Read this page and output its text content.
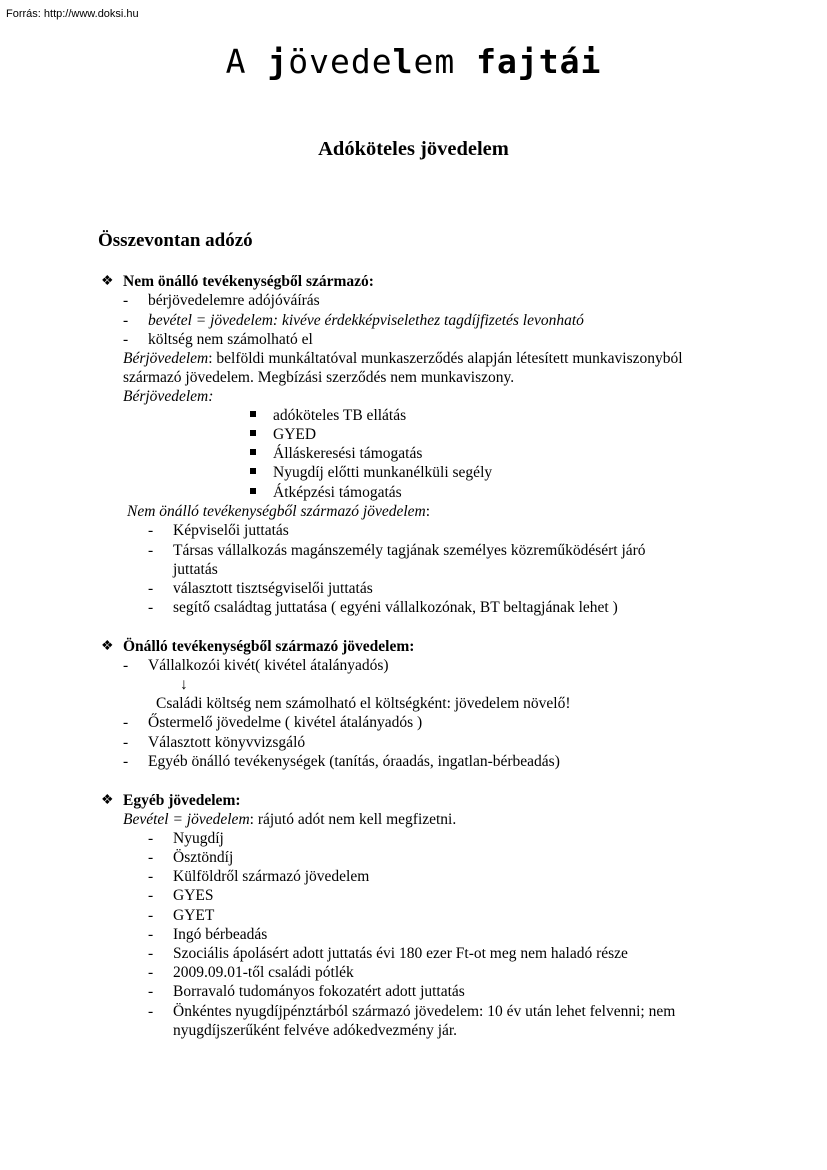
Forrás: http://www.doksi.hu
A jövedelem fajtái
Adóköteles jövedelem
Összevontan adózó
❖ Nem önálló tevékenységből származó:
- bérjövedelemre adójóváírás
- bevétel = jövedelem: kivéve érdekképviselethez tagdíjfizetés levonható
- költség nem számolható el
Bérjövedelem: belföldi munkáltatóval munkaszerződés alapján létesített munkaviszonyból
származó jövedelem. Megbízási szerződés nem munkaviszony.
Bérjövedelem:
adóköteles TB ellátás
GYED
Álláskeresési támogatás
Nyugdíj előtti munkanélküli segély
Átképzési támogatás
Nem önálló tevékenységből származó jövedelem:
- Képviselői juttatás
- Társas vállalkozás magánszemély tagjának személyes közreműködésért járó
juttatás
- választott tisztségviselői juttatás
- segítő családtag juttatása ( egyéni vállalkozónak, BT beltagjának lehet )
❖ Önálló tevékenységből származó jövedelem:
- Vállalkozói kivét( kivétel átalányadós)
↓
Családi költség nem számolható el költségként: jövedelem növelő!
- Őstermelő jövedelme ( kivétel átalányadós )
- Választott könyvvizsgáló
- Egyéb önálló tevékenységek (tanítás, óraadás, ingatlan-bérbeadás)
❖ Egyéb jövedelem:
Bevétel = jövedelem: rájutó adót nem kell megfizetni.
- Nyugdíj
- Ösztöndíj
- Külföldről származó jövedelem
- GYES
- GYET
- Ingó bérbeadás
- Szociális ápolásért adott juttatás évi 180 ezer Ft-ot meg nem haladó része
- 2009.09.01-től családi pótlék
- Borravaló tudományos fokozatért adott juttatás
- Önkéntes nyugdíjpénztárból származó jövedelem: 10 év után lehet felvenni; nem
nyugdíjszerűként felvéve adókedvezmény jár.
